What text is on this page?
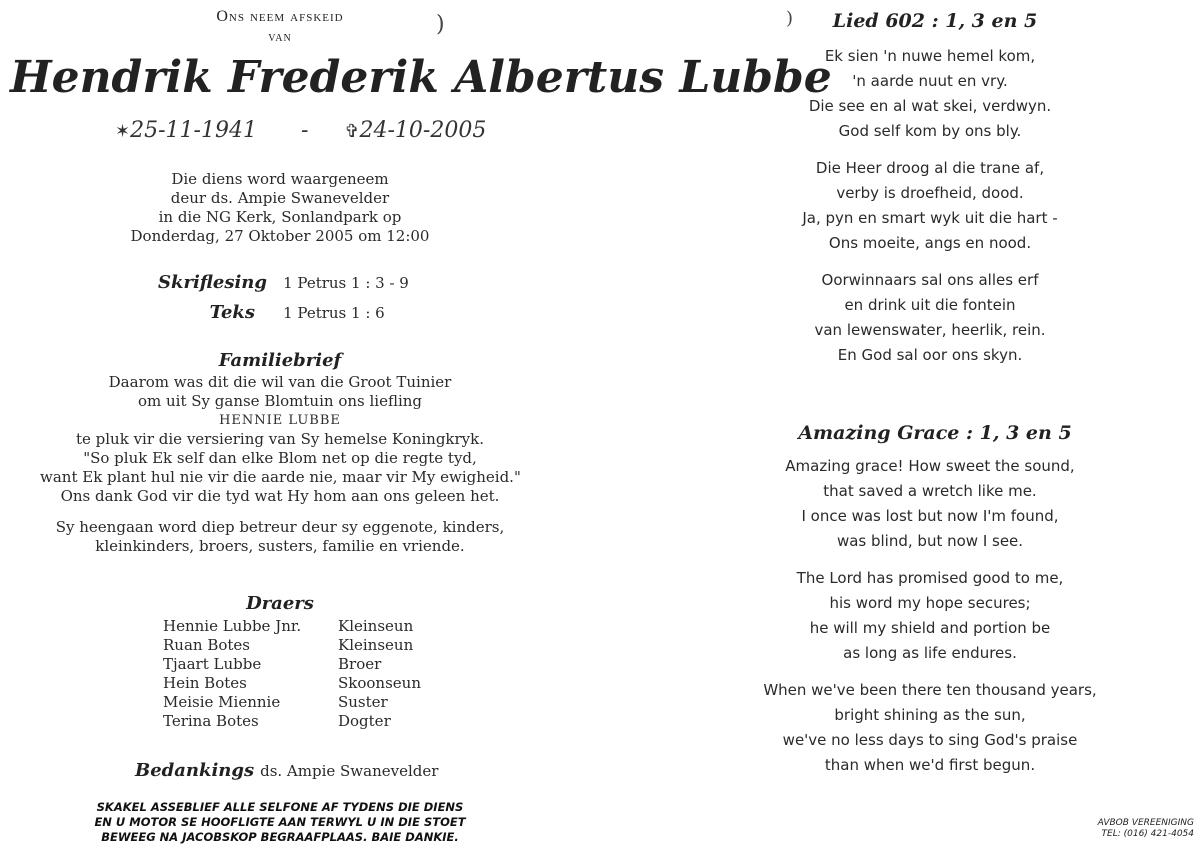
Ons neem afskeid
van
)
Hendrik Frederik Albertus Lubbe
✶25-11-1941 - ✞24-10-2005
Die diens word waargeneem
deur ds. Ampie Swanevelder
in die NG Kerk, Sonlandpark op
Donderdag, 27 Oktober 2005 om 12:00
Skriflesing 1 Petrus 1 : 3 - 9
Teks 1 Petrus 1 : 6
Familiebrief
Daarom was dit die wil van die Groot Tuinier
om uit Sy ganse Blomtuin ons liefling
HENNIE LUBBE
te pluk vir die versiering van Sy hemelse Koningkryk.
"So pluk Ek self dan elke Blom net op die regte tyd,
want Ek plant hul nie vir die aarde nie, maar vir My ewigheid."
Ons dank God vir die tyd wat Hy hom aan ons geleen het.
Sy heengaan word diep betreur deur sy eggenote, kinders,
kleinkinders, broers, susters, familie en vriende.
Draers
Hennie Lubbe Jnr.	Kleinseun
Ruan Botes	Kleinseun
Tjaart Lubbe	Broer
Hein Botes	Skoonseun
Meisie Miennie	Suster
Terina Botes	Dogter
Bedankings ds. Ampie Swanevelder
SKAKEL ASSEBLIEF ALLE SELFONE AF TYDENS DIE DIENS
EN U MOTOR SE HOOFLIGTE AAN TERWYL U IN DIE STOET
BEWEEG NA JACOBSKOP BEGRAAFPLAAS. BAIE DANKIE.
)	Lied 602 : 1, 3 en 5
Ek sien 'n nuwe hemel kom,
'n aarde nuut en vry.
Die see en al wat skei, verdwyn.
God self kom by ons bly.
Die Heer droog al die trane af,
verby is droefheid, dood.
Ja, pyn en smart wyk uit die hart -
Ons moeite, angs en nood.
Oorwinnaars sal ons alles erf
en drink uit die fontein
van lewenswater, heerlik, rein.
En God sal oor ons skyn.
Amazing Grace : 1, 3 en 5
Amazing grace! How sweet the sound,
that saved a wretch like me.
I once was lost but now I'm found,
was blind, but now I see.
The Lord has promised good to me,
his word my hope secures;
he will my shield and portion be
as long as life endures.
When we've been there ten thousand years,
bright shining as the sun,
we've no less days to sing God's praise
than when we'd first begun.
AVBOB VEREENIGING
TEL: (016) 421-4054
